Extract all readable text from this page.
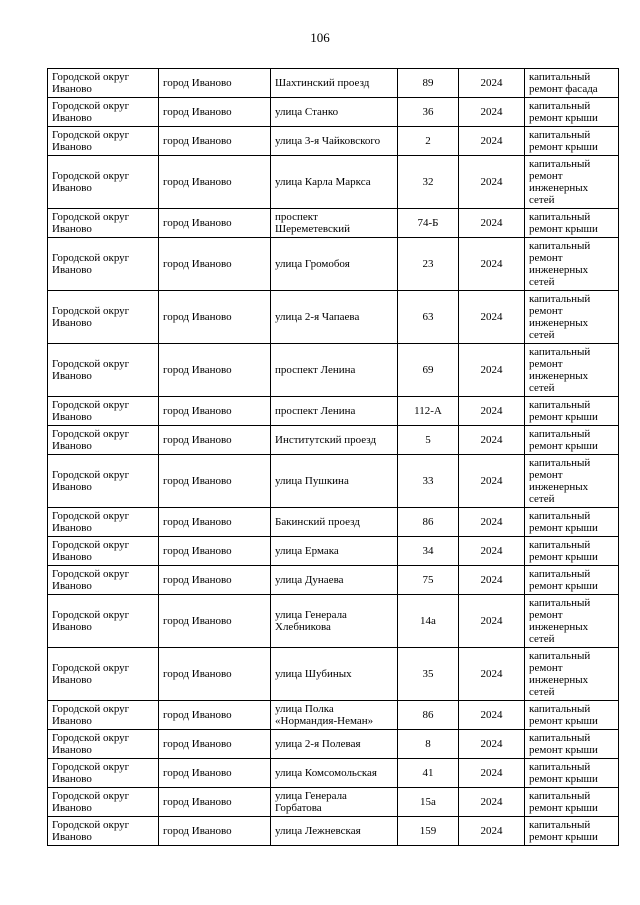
106
Городской округ Иваново	город Иваново	Шахтинский проезд	89	2024	капитальный ремонт фасада
Городской округ Иваново	город Иваново	улица Станко	36	2024	капитальный ремонт крыши
Городской округ Иваново	город Иваново	улица 3-я Чайковского	2	2024	капитальный ремонт крыши
Городской округ Иваново	город Иваново	улица Карла Маркса	32	2024	капитальный ремонт инженерных сетей
Городской округ Иваново	город Иваново	проспект Шереметевский	74-Б	2024	капитальный ремонт крыши
Городской округ Иваново	город Иваново	улица Громобоя	23	2024	капитальный ремонт инженерных сетей
Городской округ Иваново	город Иваново	улица 2-я Чапаева	63	2024	капитальный ремонт инженерных сетей
Городской округ Иваново	город Иваново	проспект Ленина	69	2024	капитальный ремонт инженерных сетей
Городской округ Иваново	город Иваново	проспект Ленина	112-А	2024	капитальный ремонт крыши
Городской округ Иваново	город Иваново	Институтский проезд	5	2024	капитальный ремонт крыши
Городской округ Иваново	город Иваново	улица Пушкина	33	2024	капитальный ремонт инженерных сетей
Городской округ Иваново	город Иваново	Бакинский проезд	86	2024	капитальный ремонт крыши
Городской округ Иваново	город Иваново	улица Ермака	34	2024	капитальный ремонт крыши
Городской округ Иваново	город Иваново	улица Дунаева	75	2024	капитальный ремонт крыши
Городской округ Иваново	город Иваново	улица Генерала Хлебникова	14а	2024	капитальный ремонт инженерных сетей
Городской округ Иваново	город Иваново	улица Шубиных	35	2024	капитальный ремонт инженерных сетей
Городской округ Иваново	город Иваново	улица Полка «Нормандия-Неман»	86	2024	капитальный ремонт крыши
Городской округ Иваново	город Иваново	улица 2-я Полевая	8	2024	капитальный ремонт крыши
Городской округ Иваново	город Иваново	улица Комсомольская	41	2024	капитальный ремонт крыши
Городской округ Иваново	город Иваново	улица Генерала Горбатова	15а	2024	капитальный ремонт крыши
Городской округ Иваново	город Иваново	улица Лежневская	159	2024	капитальный ремонт крыши
